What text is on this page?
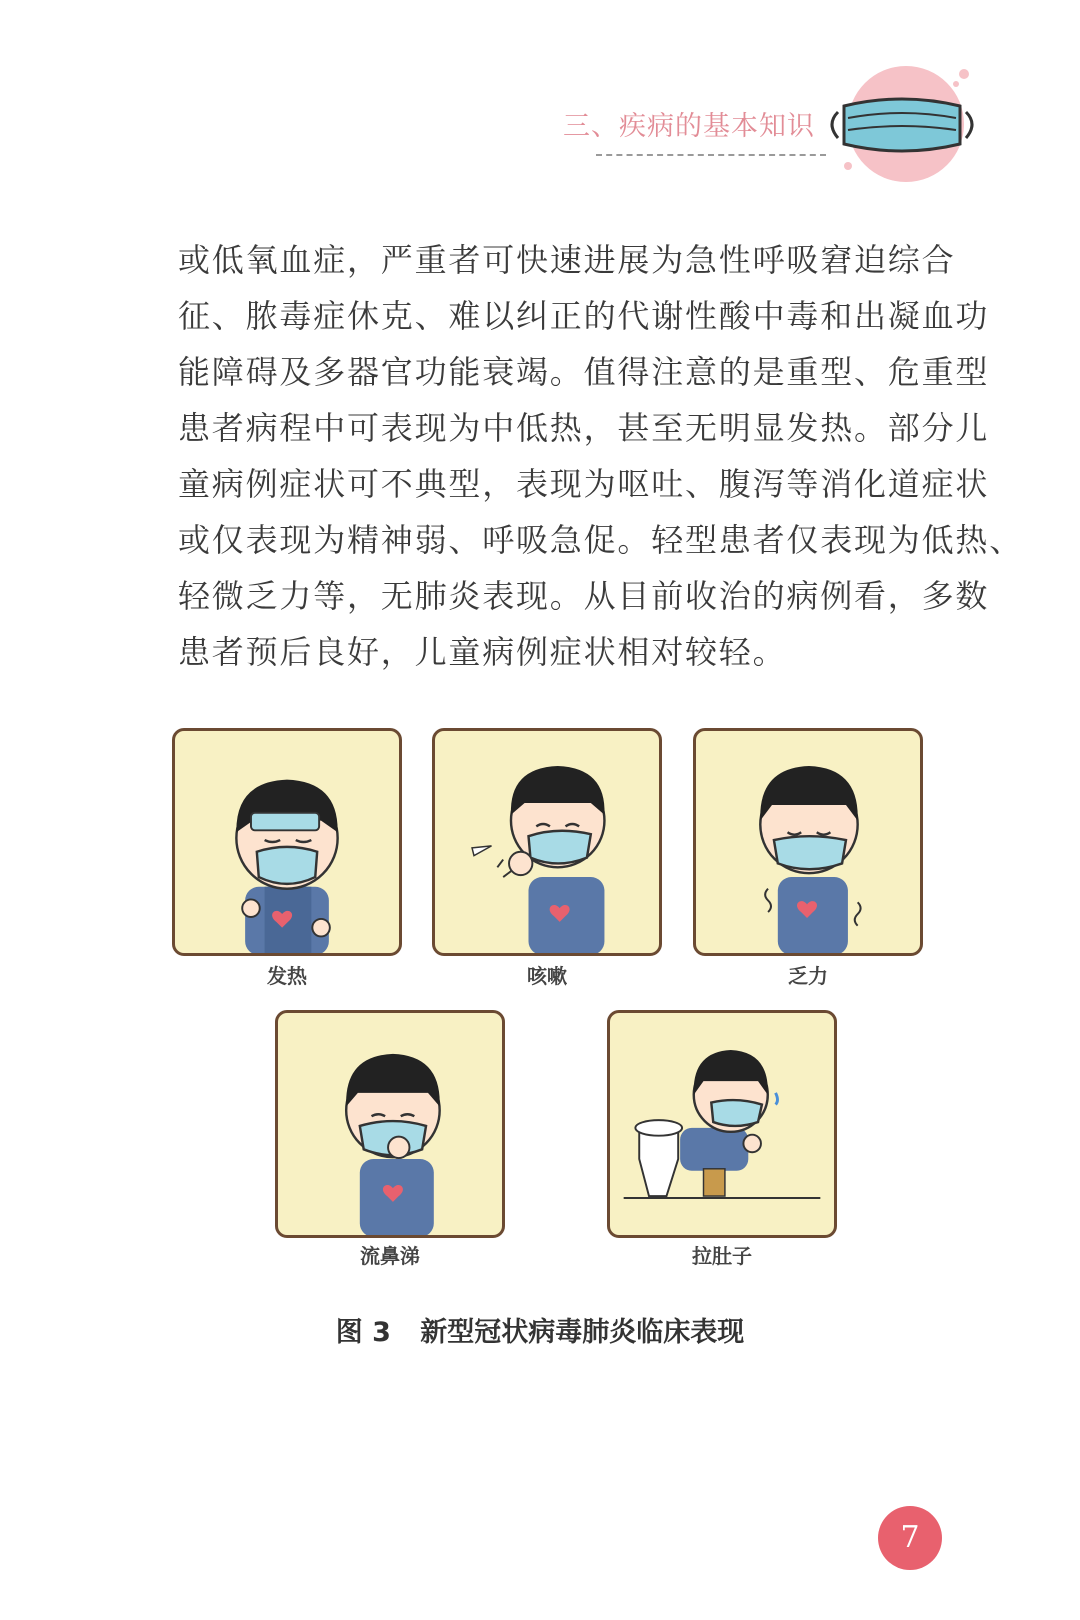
三、疾病的基本知识
或低氧血症，严重者可快速进展为急性呼吸窘迫综合
征、脓毒症休克、难以纠正的代谢性酸中毒和出凝血功
能障碍及多器官功能衰竭。值得注意的是重型、危重型
患者病程中可表现为中低热，甚至无明显发热。部分儿
童病例症状可不典型，表现为呕吐、腹泻等消化道症状
或仅表现为精神弱、呼吸急促。轻型患者仅表现为低热、
轻微乏力等，无肺炎表现。从目前收治的病例看，多数
患者预后良好，儿童病例症状相对较轻。
发热	咳嗽	乏力
流鼻涕	拉肚子
图 3 新型冠状病毒肺炎临床表现
7
